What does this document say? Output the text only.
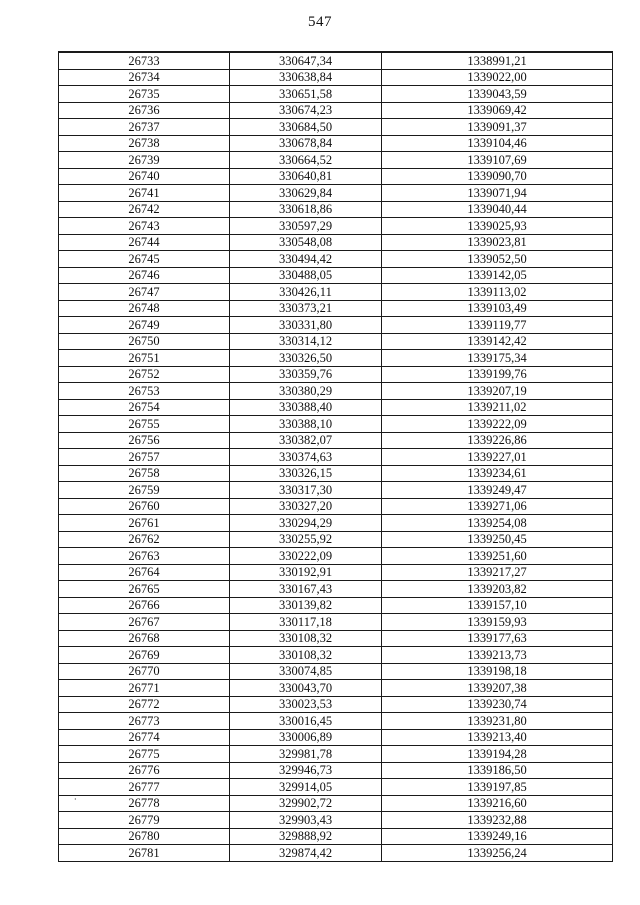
547
26733	330647,34	1338991,21
26734	330638,84	1339022,00
26735	330651,58	1339043,59
26736	330674,23	1339069,42
26737	330684,50	1339091,37
26738	330678,84	1339104,46
26739	330664,52	1339107,69
26740	330640,81	1339090,70
26741	330629,84	1339071,94
26742	330618,86	1339040,44
26743	330597,29	1339025,93
26744	330548,08	1339023,81
26745	330494,42	1339052,50
26746	330488,05	1339142,05
26747	330426,11	1339113,02
26748	330373,21	1339103,49
26749	330331,80	1339119,77
26750	330314,12	1339142,42
26751	330326,50	1339175,34
26752	330359,76	1339199,76
26753	330380,29	1339207,19
26754	330388,40	1339211,02
26755	330388,10	1339222,09
26756	330382,07	1339226,86
26757	330374,63	1339227,01
26758	330326,15	1339234,61
26759	330317,30	1339249,47
26760	330327,20	1339271,06
26761	330294,29	1339254,08
26762	330255,92	1339250,45
26763	330222,09	1339251,60
26764	330192,91	1339217,27
26765	330167,43	1339203,82
26766	330139,82	1339157,10
26767	330117,18	1339159,93
26768	330108,32	1339177,63
26769	330108,32	1339213,73
26770	330074,85	1339198,18
26771	330043,70	1339207,38
26772	330023,53	1339230,74
26773	330016,45	1339231,80
26774	330006,89	1339213,40
26775	329981,78	1339194,28
26776	329946,73	1339186,50
26777	329914,05	1339197,85
26778	329902,72	1339216,60
26779	329903,43	1339232,88
26780	329888,92	1339249,16
26781	329874,42	1339256,24
⸳
